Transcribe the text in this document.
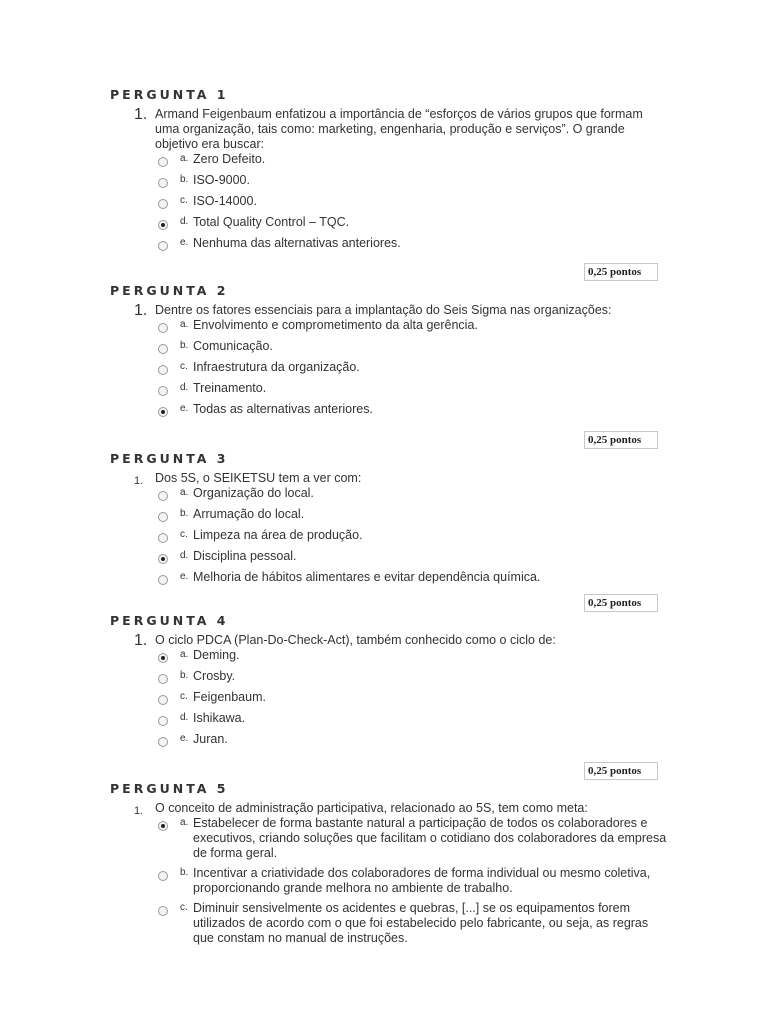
PERGUNTA 1
1. Armand Feigenbaum enfatizou a importância de “esforços de vários grupos que formam uma organização, tais como: marketing, engenharia, produção e serviços”. O grande objetivo era buscar:
a. Zero Defeito.
b. ISO-9000.
c. ISO-14000.
d. Total Quality Control – TQC.
e. Nenhuma das alternativas anteriores.
0,25 pontos
PERGUNTA 2
1. Dentre os fatores essenciais para a implantação do Seis Sigma nas organizações:
a. Envolvimento e comprometimento da alta gerência.
b. Comunicação.
c. Infraestrutura da organização.
d. Treinamento.
e. Todas as alternativas anteriores.
0,25 pontos
PERGUNTA 3
1. Dos 5S, o SEIKETSU tem a ver com:
a. Organização do local.
b. Arrumação do local.
c. Limpeza na área de produção.
d. Disciplina pessoal.
e. Melhoria de hábitos alimentares e evitar dependência química.
0,25 pontos
PERGUNTA 4
1. O ciclo PDCA (Plan-Do-Check-Act), também conhecido como o ciclo de:
a. Deming.
b. Crosby.
c. Feigenbaum.
d. Ishikawa.
e. Juran.
0,25 pontos
PERGUNTA 5
1. O conceito de administração participativa, relacionado ao 5S, tem como meta:
a. Estabelecer de forma bastante natural a participação de todos os colaboradores e executivos, criando soluções que facilitam o cotidiano dos colaboradores da empresa de forma geral.
b. Incentivar a criatividade dos colaboradores de forma individual ou mesmo coletiva, proporcionando grande melhora no ambiente de trabalho.
c. Diminuir sensivelmente os acidentes e quebras, [...] se os equipamentos forem utilizados de acordo com o que foi estabelecido pelo fabricante, ou seja, as regras que constam no manual de instruções.
